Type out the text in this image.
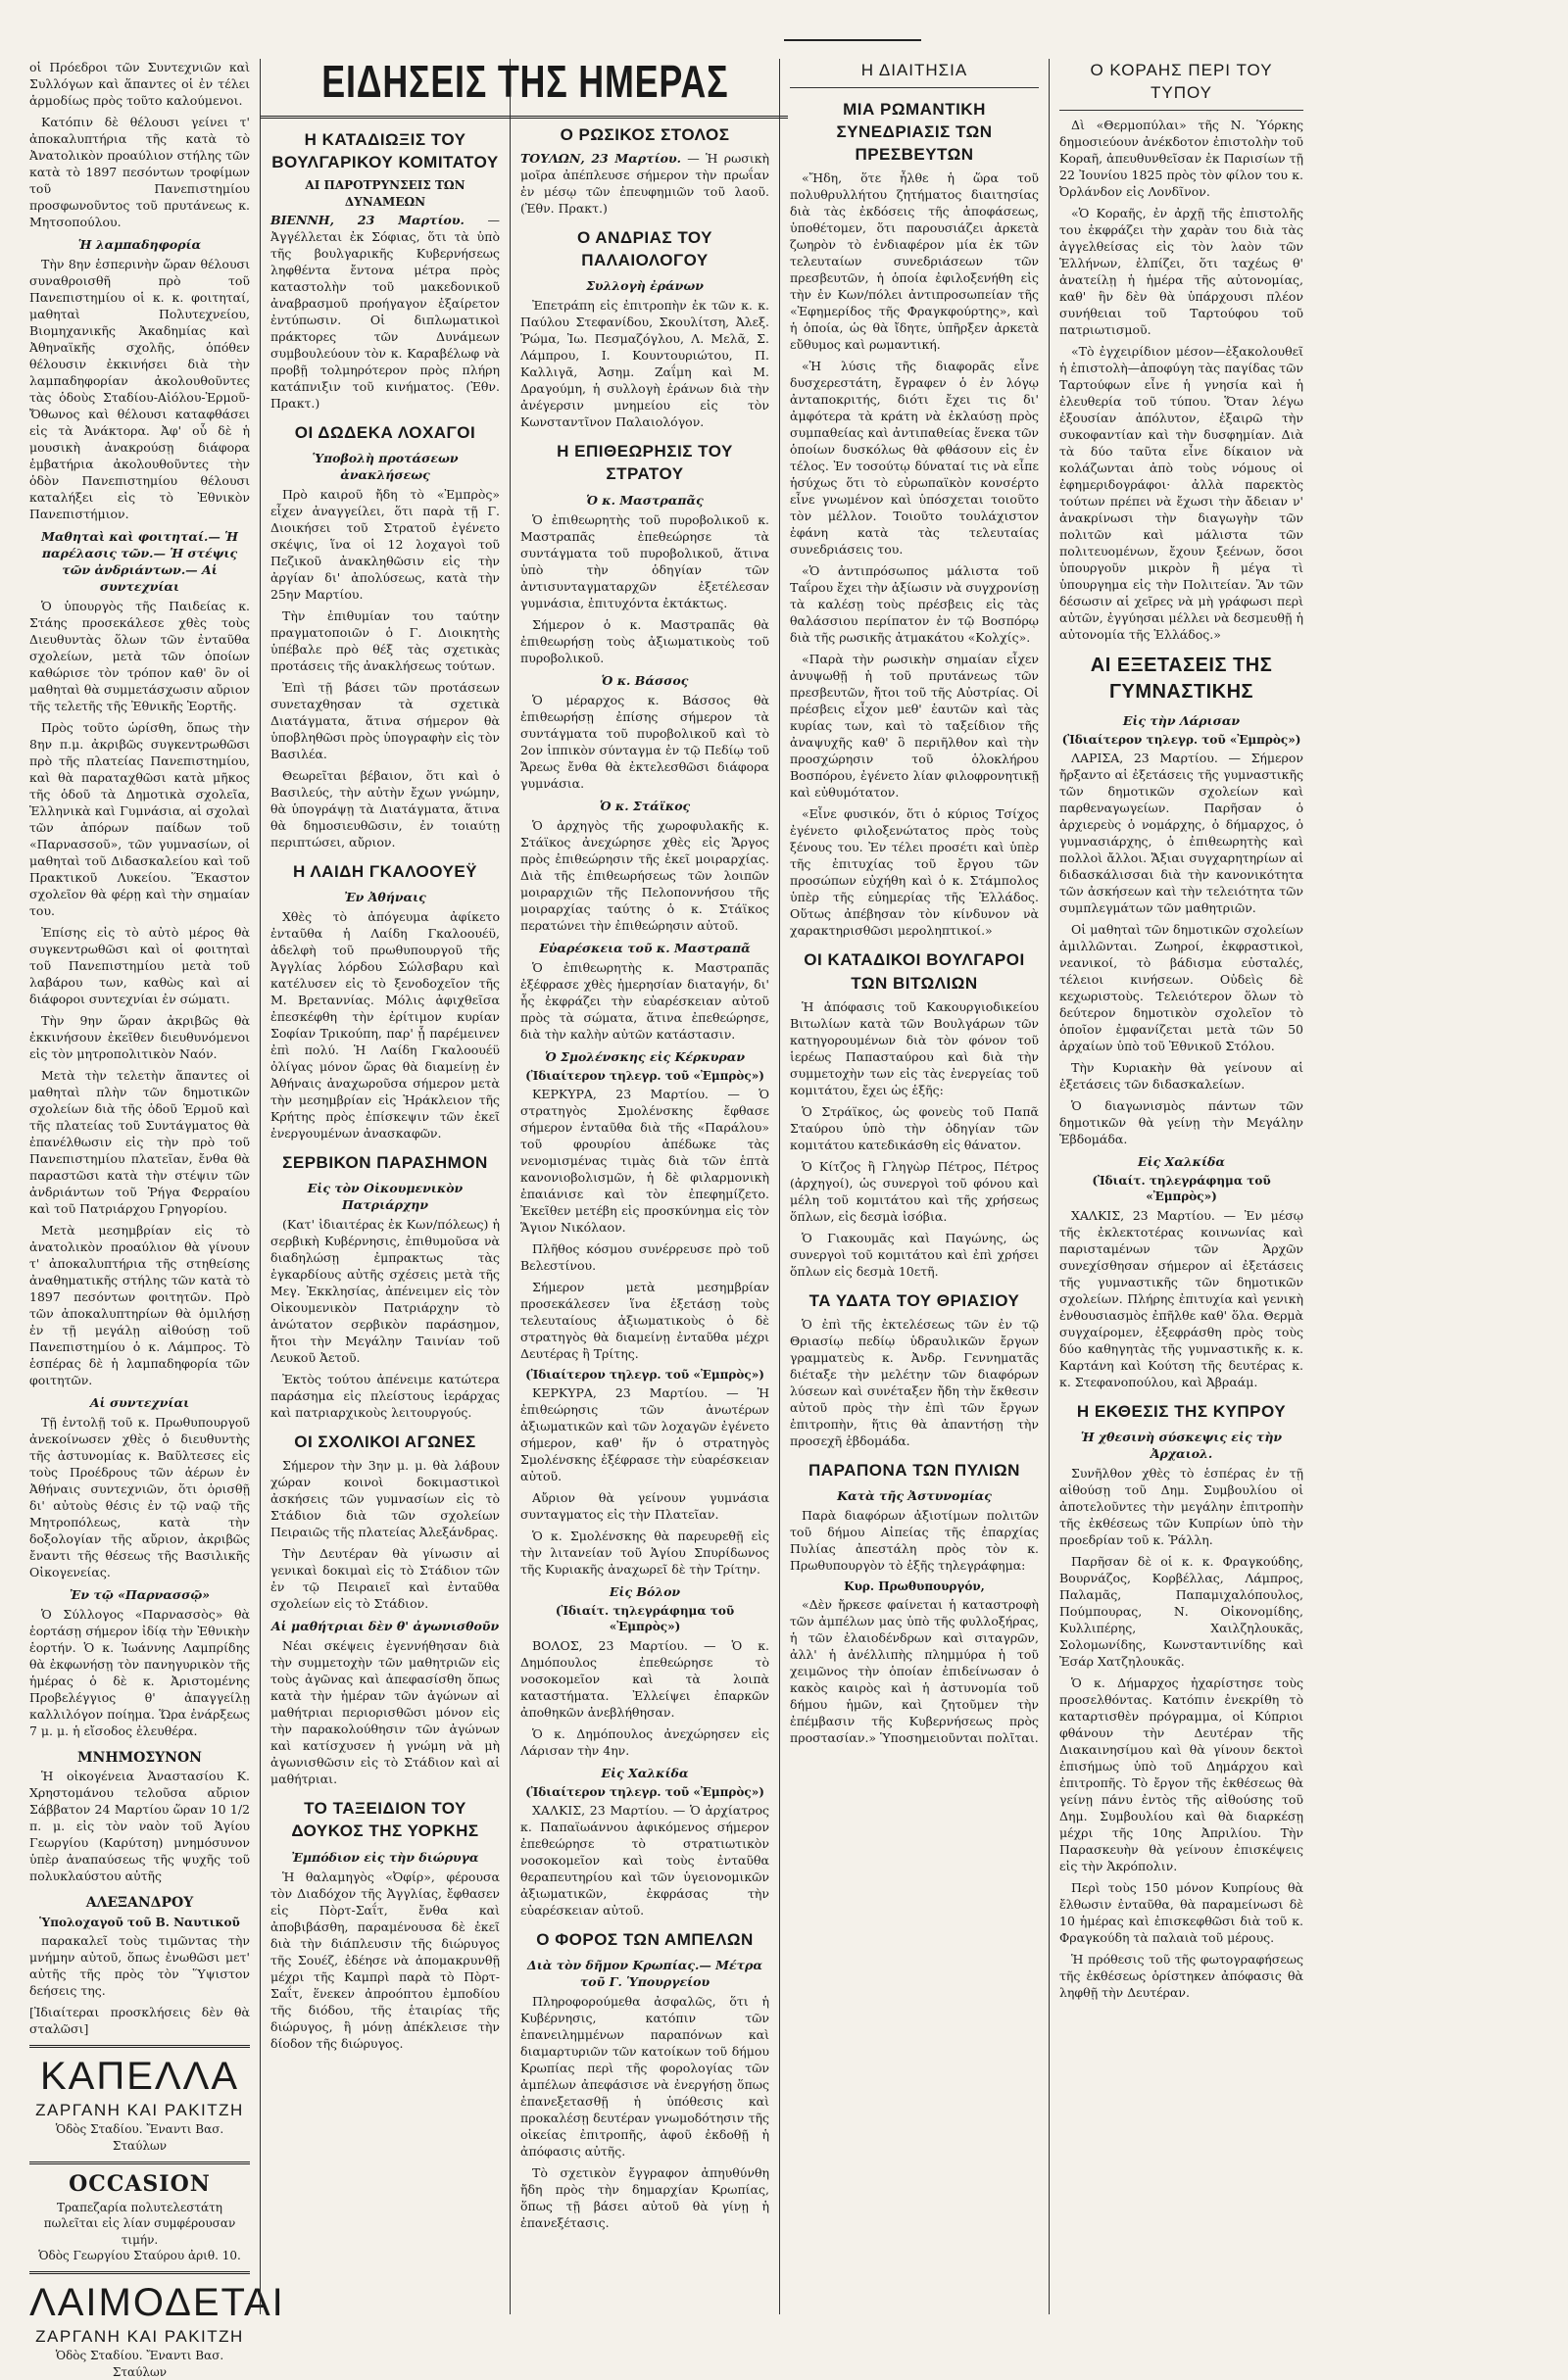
οἱ Πρόεδροι τῶν Συντεχνιῶν καὶ Συλλόγων καὶ ἅπαντες οἱ ἐν τέλει ἁρμοδίως πρὸς τοῦτο καλούμενοι.

Κατόπιν δὲ θέλουσι γείνει τ' ἀποκαλυπτήρια τῆς κατὰ τὸ Ἀνατολικὸν προαύλιον στήλης τῶν κατὰ τὸ 1897 πεσόντων τροφίμων τοῦ Πανεπιστημίου προσφωνοῦντος τοῦ πρυτάνεως κ. Μητσοπούλου.

Ἡ λαμπαδηφορία

Τὴν 8ην ἑσπερινὴν ὥραν θέλουσι συναθροισθῆ πρὸ τοῦ Πανεπιστημίου οἱ κ. κ. φοιτηταί, μαθηταὶ Πολυτεχνείου, Βιομηχανικῆς Ἀκαδημίας καὶ Ἀθηναϊκῆς σχολῆς, ὁπόθεν θέλουσιν ἐκκινήσει διὰ τὴν λαμπαδηφορίαν ἀκολουθοῦντες τὰς ὁδοὺς Σταδίου-Αἰόλου-Ἑρμοῦ-Ὄθωνος καὶ θέλουσι καταφθάσει εἰς τὰ Ἀνάκτορα. Ἀφ' οὗ δὲ ἡ μουσικὴ ἀνακρούσῃ διάφορα ἐμβατήρια ἀκολουθοῦντες τὴν ὁδὸν Πανεπιστημίου θέλουσι καταλήξει εἰς τὸ Ἐθνικὸν Πανεπιστήμιον.

Μαθηταὶ καὶ φοιτηταί.— Ἡ παρέλασις τῶν.— Ἡ στέψις τῶν ἀνδριάντων.— Αἱ συντεχνίαι

Ὁ ὑπουργὸς τῆς Παιδείας κ. Στάης προσεκάλεσε χθὲς τοὺς Διευθυντὰς ὅλων τῶν ἐνταῦθα σχολείων, μετὰ τῶν ὁποίων καθώρισε τὸν τρόπον καθ' ὃν οἱ μαθηταὶ θὰ συμμετάσχωσιν αὔριον τῆς τελετῆς τῆς Ἐθνικῆς Ἑορτῆς.

Πρὸς τοῦτο ὡρίσθη, ὅπως τὴν 8ην π.μ. ἀκριβῶς συγκεντρωθῶσι πρὸ τῆς πλατείας Πανεπιστημίου, καὶ θὰ παραταχθῶσι κατὰ μῆκος τῆς ὁδοῦ τὰ Δημοτικὰ σχολεῖα, Ἑλληνικὰ καὶ Γυμνάσια, αἱ σχολαὶ τῶν ἀπόρων παίδων τοῦ «Παρνασσοῦ», τῶν γυμνασίων, οἱ μαθηταὶ τοῦ Διδασκαλείου καὶ τοῦ Πρακτικοῦ Λυκείου. Ἕκαστον σχολεῖον θὰ φέρῃ καὶ τὴν σημαίαν του.

Ἐπίσης εἰς τὸ αὐτὸ μέρος θὰ συγκεντρωθῶσι καὶ οἱ φοιτηταὶ τοῦ Πανεπιστημίου μετὰ τοῦ λαβάρου των, καθὼς καὶ αἱ διάφοροι συντεχνίαι ἐν σώματι.

Τὴν 9ην ὥραν ἀκριβῶς θὰ ἐκκινήσουν ἐκεῖθεν διευθυνόμενοι εἰς τὸν μητροπολιτικὸν Ναόν.

Μετὰ τὴν τελετὴν ἅπαντες οἱ μαθηταὶ πλὴν τῶν δημοτικῶν σχολείων διὰ τῆς ὁδοῦ Ἑρμοῦ καὶ τῆς πλατείας τοῦ Συντάγματος θὰ ἐπανέλθωσιν εἰς τὴν πρὸ τοῦ Πανεπιστημίου πλατεῖαν, ἔνθα θὰ παραστῶσι κατὰ τὴν στέψιν τῶν ἀνδριάντων τοῦ Ῥήγα Φερραίου καὶ τοῦ Πατριάρχου Γρηγορίου.

Μετὰ μεσημβρίαν εἰς τὸ ἀνατολικὸν προαύλιον θὰ γίνουν τ' ἀποκαλυπτήρια τῆς στηθείσης ἀναθηματικῆς στήλης τῶν κατὰ τὸ 1897 πεσόντων φοιτητῶν. Πρὸ τῶν ἀποκαλυπτηρίων θὰ ὁμιλήσῃ ἐν τῇ μεγάλῃ αἰθούσῃ τοῦ Πανεπιστημίου ὁ κ. Λάμπρος. Τὸ ἑσπέρας δὲ ἡ λαμπαδηφορία τῶν φοιτητῶν.

Αἱ συντεχνίαι

Τῇ ἐντολῇ τοῦ κ. Πρωθυπουργοῦ ἀνεκοίνωσεν χθὲς ὁ διευθυντὴς τῆς ἀστυνομίας κ. Βαῦλτεσες εἰς τοὺς Προέδρους τῶν ἀέρων ἐν Ἀθήναις συντεχνιῶν, ὅτι ὁρισθῇ δι' αὐτοὺς θέσις ἐν τῷ ναῷ τῆς Μητροπόλεως, κατὰ τὴν δοξολογίαν τῆς αὔριον, ἀκριβῶς ἔναντι τῆς θέσεως τῆς Βασιλικῆς Οἰκογενείας.

Ἐν τῷ «Παρνασσῷ»

Ὁ Σύλλογος «Παρνασσὸς» θὰ ἑορτάσῃ σήμερον ἰδίᾳ τὴν Ἐθνικὴν ἑορτήν. Ὁ κ. Ἰωάννης Λαμπρίδης θὰ ἐκφωνήσῃ τὸν πανηγυρικὸν τῆς ἡμέρας ὁ δὲ κ. Ἀριστομένης Προβελέγγιος θ' ἀπαγγείλῃ καλλιλόγον ποίημα. Ὥρα ἐνάρξεως 7 μ. μ. ἡ εἴσοδος ἐλευθέρα.

ΜΝΗΜΟΣΥΝΟΝ

Ἡ οἰκογένεια Ἀναστασίου Κ. Χρηστομάνου τελοῦσα αὔριον Σάββατον 24 Μαρτίου ὥραν 10 1/2 π. μ. εἰς τὸν ναὸν τοῦ Ἁγίου Γεωργίου (Καρύτση) μνημόσυνον ὑπὲρ ἀναπαύσεως τῆς ψυχῆς τοῦ πολυκλαύστου αὐτῆς

ΑΛΕΞΑΝΔΡΟΥ
Ὑπολοχαγοῦ τοῦ Β. Ναυτικοῦ

παρακαλεῖ τοὺς τιμῶντας τὴν μνήμην αὐτοῦ, ὅπως ἐνωθῶσι μετ' αὐτῆς τῆς πρὸς τὸν Ὕψιστον δεήσεις της.

[Ἰδιαίτεραι προσκλήσεις δὲν θὰ σταλῶσι]

ΚΑΠΕΛΛΑ
ΖΑΡΓΑΝΗ ΚΑΙ ΡΑΚΙΤΖΗ
Ὁδὸς Σταδίου. Ἔναντι Βασ. Σταύλων
OCCASION
Τραπεζαρία πολυτελεστάτη πωλεῖται εἰς λίαν συμφέρουσαν τιμήν.
Ὁδὸς Γεωργίου Σταύρου ἀριθ. 10.
ΛΑΙΜΟΔΕΤΑΙ
ΖΑΡΓΑΝΗ ΚΑΙ ΡΑΚΙΤΖΗ
Ὁδὸς Σταδίου. Ἔναντι Βασ. Σταύλων
ΕΙΔΗΣΕΙΣ ΤΗΣ ΗΜΕΡΑΣ
Η ΚΑΤΑΔΙΩΞΙΣ ΤΟΥ ΒΟΥΛΓΑΡΙΚΟΥ ΚΟΜΙΤΑΤΟΥ
ΑΙ ΠΑΡΟΤΡΥΝΣΕΙΣ ΤΩΝ ΔΥΝΑΜΕΩΝ

ΒΙΕΝΝΗ, 23 Μαρτίου. — Ἀγγέλλεται ἐκ Σόφιας, ὅτι τὰ ὑπὸ τῆς βουλγαρικῆς Κυβερνήσεως ληφθέντα ἔντονα μέτρα πρὸς καταστολὴν τοῦ μακεδονικοῦ ἀναβρασμοῦ προήγαγον ἐξαίρετον ἐντύπωσιν. Οἱ διπλωματικοὶ πράκτορες τῶν Δυνάμεων συμβουλεύουν τὸν κ. Καραβέλωφ νὰ προβῇ τολμηρότερον πρὸς πλήρη κατάπνιξιν τοῦ κινήματος. (Ἐθν. Πρακτ.)

ΟΙ ΔΩΔΕΚΑ ΛΟΧΑΓΟΙ
Ὑποβολὴ προτάσεων ἀνακλήσεως

Πρὸ καιροῦ ἤδη τὸ «Ἐμπρὸς» εἶχεν ἀναγγείλει, ὅτι παρὰ τῇ Γ. Διοικήσει τοῦ Στρατοῦ ἐγένετο σκέψις, ἵνα οἱ 12 λοχαγοὶ τοῦ Πεζικοῦ ἀνακληθῶσιν εἰς τὴν ἀργίαν δι' ἀπολύσεως, κατὰ τὴν 25ην Μαρτίου.

Τὴν ἐπιθυμίαν του ταύτην πραγματοποιῶν ὁ Γ. Διοικητὴς ὑπέβαλε πρὸ θέξ τὰς σχετικὰς προτάσεις τῆς ἀνακλήσεως τούτων.

Ἐπὶ τῇ βάσει τῶν προτάσεων συνεταχθησαν τὰ σχετικὰ Διατάγματα, ἅτινα σήμερον θὰ ὑποβληθῶσι πρὸς ὑπογραφὴν εἰς τὸν Βασιλέα.

Θεωρεῖται βέβαιον, ὅτι καὶ ὁ Βασιλεύς, τὴν αὐτὴν ἔχων γνώμην, θὰ ὑπογράψῃ τὰ Διατάγματα, ἅτινα θὰ δημοσιευθῶσιν, ἐν τοιαύτῃ περιπτώσει, αὔριον.

Η ΛΑΙΔΗ ΓΚΑΛΟΟΥΕΫ
Ἐν Ἀθήναις

Χθὲς τὸ ἀπόγευμα ἀφίκετο ἐνταῦθα ἡ Λαίδη Γκαλοουέϋ, ἀδελφὴ τοῦ πρωθυπουργοῦ τῆς Ἀγγλίας λόρδου Σώλσβαρυ καὶ κατέλυσεν εἰς τὸ ξενοδοχεῖον τῆς Μ. Βρεταννίας. Μόλις ἀφιχθεῖσα ἐπεσκέφθη τὴν ἐρίτιμον κυρίαν Σοφίαν Τρικούπη, παρ' ᾗ παρέμεινεν ἐπὶ πολύ. Ἡ Λαίδη Γκαλοουέϋ ὀλίγας μόνον ὥρας θὰ διαμείνῃ ἐν Ἀθήναις ἀναχωροῦσα σήμερον μετὰ τὴν μεσημβρίαν εἰς Ἡράκλειον τῆς Κρήτης πρὸς ἐπίσκεψιν τῶν ἐκεῖ ἐνεργουμένων ἀνασκαφῶν.

ΣΕΡΒΙΚΟΝ ΠΑΡΑΣΗΜΟΝ
Εἰς τὸν Οἰκουμενικὸν Πατριάρχην

(Κατ' ἰδιαιτέρας ἐκ Κων/πόλεως) ἡ σερβικὴ Κυβέρνησις, ἐπιθυμοῦσα νὰ διαδηλώσῃ ἐμπρακτως τὰς ἐγκαρδίους αὐτῆς σχέσεις μετὰ τῆς Μεγ. Ἐκκλησίας, ἀπένειμεν εἰς τὸν Οἰκουμενικὸν Πατριάρχην τὸ ἀνώτατον σερβικὸν παράσημον, ἤτοι τὴν Μεγάλην Ταινίαν τοῦ Λευκοῦ Ἀετοῦ.

Ἐκτὸς τούτου ἀπένειμε κατώτερα παράσημα εἰς πλείστους ἱεράρχας καὶ πατριαρχικοὺς λειτουργούς.

ΟΙ ΣΧΟΛΙΚΟΙ ΑΓΩΝΕΣ

Σήμερον τὴν 3ην μ. μ. θὰ λάβουν χώραν κοινοὶ δοκιμαστικοὶ ἀσκήσεις τῶν γυμνασίων εἰς τὸ Στάδιον διὰ τῶν σχολείων Πειραιῶς τῆς πλατείας Ἀλεξάνδρας.

Τὴν Δευτέραν θὰ γίνωσιν αἱ γενικαὶ δοκιμαὶ εἰς τὸ Στάδιον τῶν ἐν τῷ Πειραιεῖ καὶ ἐνταῦθα σχολείων εἰς τὸ Στάδιον.

Αἱ μαθήτριαι δὲν θ' ἀγωνισθοῦν

Νέαι σκέψεις ἐγεννήθησαν διὰ τὴν συμμετοχὴν τῶν μαθητριῶν εἰς τοὺς ἀγῶνας καὶ ἀπεφασίσθη ὅπως κατὰ τὴν ἡμέραν τῶν ἀγώνων αἱ μαθήτριαι περιορισθῶσι μόνον εἰς τὴν παρακολούθησιν τῶν ἀγώνων καὶ κατίσχυσεν ἡ γνώμη νὰ μὴ ἀγωνισθῶσιν εἰς τὸ Στάδιον καὶ αἱ μαθήτριαι.

ΤΟ ΤΑΞΕΙΔΙΟΝ ΤΟΥ ΔΟΥΚΟΣ ΤΗΣ ΥΟΡΚΗΣ
Ἐμπόδιον εἰς τὴν διώρυγα

Ἡ θαλαμηγὸς «Ὀφίρ», φέρουσα τὸν Διαδόχον τῆς Ἀγγλίας, ἔφθασεν εἰς Πὸρτ-Σαΐτ, ἔνθα καὶ ἀποβιβάσθη, παραμένουσα δὲ ἐκεῖ διὰ τὴν διάπλευσιν τῆς διώρυγος τῆς Σουέζ, ἐδέησε νὰ ἀπομακρυνθῇ μέχρι τῆς Καμπρὶ παρὰ τὸ Πὸρτ-Σαΐτ, ἕνεκεν ἀπροόπτου ἐμποδίου τῆς διόδου, τῆς ἑταιρίας τῆς διώρυγος, ἣ μόνῃ ἀπέκλεισε τὴν δίοδον τῆς διώρυγος.

Ο ΡΩΣΙΚΟΣ ΣΤΟΛΟΣ

ΤΟΥΛΩΝ, 23 Μαρτίου. — Ἡ ρωσικὴ μοῖρα ἀπέπλευσε σήμερον τὴν πρωΐαν ἐν μέσῳ τῶν ἐπευφημιῶν τοῦ λαοῦ. (Ἐθν. Πρακτ.)

Ο ΑΝΔΡΙΑΣ ΤΟΥ ΠΑΛΑΙΟΛΟΓΟΥ
Συλλογὴ ἐράνων

Ἐπετράπη εἰς ἐπιτροπὴν ἐκ τῶν κ. κ. Παύλου Στεφανίδου, Σκουλίτση, Ἀλεξ. Ῥώμα, Ἰω. Πεσμαζόγλου, Λ. Μελᾶ, Σ. Λάμπρου, Ι. Κουντουριώτου, Π. Καλλιγᾶ, Ἀσημ. Ζαΐμη καὶ Μ. Δραγούμη, ἡ συλλογὴ ἐράνων διὰ τὴν ἀνέγερσιν μνημείου εἰς τὸν Κωνσταντῖνον Παλαιολόγον.

Η ΕΠΙΘΕΩΡΗΣΙΣ ΤΟΥ ΣΤΡΑΤΟΥ
Ὁ κ. Μαστραπᾶς

Ὁ ἐπιθεωρητὴς τοῦ πυροβολικοῦ κ. Μαστραπᾶς ἐπεθεώρησε τὰ συντάγματα τοῦ πυροβολικοῦ, ἅτινα ὑπὸ τὴν ὁδηγίαν τῶν ἀντισυνταγματαρχῶν ἐξετέλεσαν γυμνάσια, ἐπιτυχόντα ἐκτάκτως.

Σήμερον ὁ κ. Μαστραπᾶς θὰ ἐπιθεωρήσῃ τοὺς ἀξιωματικοὺς τοῦ πυροβολικοῦ.

Ὁ κ. Βάσσος

Ὁ μέραρχος κ. Βάσσος θὰ ἐπιθεωρήσῃ ἐπίσης σήμερον τὰ συντάγματα τοῦ πυροβολικοῦ καὶ τὸ 2ον ἱππικὸν σύνταγμα ἐν τῷ Πεδίῳ τοῦ Ἄρεως ἔνθα θὰ ἐκτελεσθῶσι διάφορα γυμνάσια.

Ὁ κ. Στάϊκος

Ὁ ἀρχηγὸς τῆς χωροφυλακῆς κ. Στάϊκος ἀνεχώρησε χθὲς εἰς Ἄργος πρὸς ἐπιθεώρησιν τῆς ἐκεῖ μοιραρχίας. Διὰ τῆς ἐπιθεωρήσεως τῶν λοιπῶν μοιραρχιῶν τῆς Πελοποννήσου τῆς μοιραρχίας ταύτης ὁ κ. Στάϊκος περατώνει τὴν ἐπιθεώρησιν αὐτοῦ.

Εὐαρέσκεια τοῦ κ. Μαστραπᾶ

Ὁ ἐπιθεωρητὴς κ. Μαστραπᾶς ἐξέφρασε χθὲς ἡμερησίαν διαταγήν, δι' ἧς ἐκφράζει τὴν εὐαρέσκειαν αὐτοῦ πρὸς τὰ σώματα, ἅτινα ἐπεθεώρησε, διὰ τὴν καλὴν αὐτῶν κατάστασιν.

Ὁ Σμολένσκης εἰς Κέρκυραν
(Ἰδιαίτερον τηλεγρ. τοῦ «Ἐμπρὸς»)

ΚΕΡΚΥΡΑ, 23 Μαρτίου. — Ὁ στρατηγὸς Σμολένσκης ἔφθασε σήμερον ἐνταῦθα διὰ τῆς «Παράλου» τοῦ φρουρίου ἀπέδωκε τὰς νενομισμένας τιμὰς διὰ τῶν ἑπτὰ κανονιοβολισμῶν, ἡ δὲ φιλαρμονικὴ ἐπαιάνισε καὶ τὸν ἐπεφημίζετο. Ἐκεῖθεν μετέβη εἰς προσκύνημα εἰς τὸν Ἅγιον Νικόλαον.

Πλῆθος κόσμου συνέρρευσε πρὸ τοῦ Βελεστίνου.

Σήμερον μετὰ μεσημβρίαν προσεκάλεσεν ἵνα ἐξετάσῃ τοὺς τελευταίους ἀξιωματικοὺς ὁ δὲ στρατηγὸς θὰ διαμείνῃ ἐνταῦθα μέχρι Δευτέρας ἢ Τρίτης.

(Ἰδιαίτερον τηλεγρ. τοῦ «Ἐμπρὸς»)

ΚΕΡΚΥΡΑ, 23 Μαρτίου. — Ἡ ἐπιθεώρησις τῶν ἀνωτέρων ἀξιωματικῶν καὶ τῶν λοχαγῶν ἐγένετο σήμερον, καθ' ἥν ὁ στρατηγὸς Σμολένσκης ἐξέφρασε τὴν εὐαρέσκειαν αὐτοῦ.

Αὔριον θὰ γείνουν γυμνάσια συνταγματος εἰς τὴν Πλατεῖαν.

Ὁ κ. Σμολένσκης θὰ παρευρεθῇ εἰς τὴν λιτανείαν τοῦ Ἁγίου Σπυρίδωνος τῆς Κυριακῆς ἀναχωρεῖ δὲ τὴν Τρίτην.

Εἰς Βόλον
(Ἰδιαίτ. τηλεγράφημα τοῦ «Ἐμπρὸς»)

ΒΟΛΟΣ, 23 Μαρτίου. — Ὁ κ. Δημόπουλος ἐπεθεώρησε τὸ νοσοκομεῖον καὶ τὰ λοιπὰ καταστήματα. Ἐλλείψει ἐπαρκῶν ἀποθηκῶν ἀνεβλήθησαν.

Ὁ κ. Δημόπουλος ἀνεχώρησεν εἰς Λάρισαν τὴν 4ην.

Εἰς Χαλκίδα
(Ἰδιαίτερον τηλεγρ. τοῦ «Ἐμπρὸς»)

ΧΑΛΚΙΣ, 23 Μαρτίου. — Ὁ ἀρχίατρος κ. Παπαϊωάννου ἀφικόμενος σήμερον ἐπεθεώρησε τὸ στρατιωτικὸν νοσοκομεῖον καὶ τοὺς ἐνταῦθα θεραπευτηρίου καὶ τῶν ὑγειονομικῶν ἀξιωματικῶν, ἐκφράσας τὴν εὐαρέσκειαν αὐτοῦ.

Ο ΦΟΡΟΣ ΤΩΝ ΑΜΠΕΛΩΝ
Διὰ τὸν δῆμον Κρωπίας.— Μέτρα τοῦ Γ. Ὑπουργείου

Πληροφορούμεθα ἀσφαλῶς, ὅτι ἡ Κυβέρνησις, κατόπιν τῶν ἐπανειλημμένων παραπόνων καὶ διαμαρτυριῶν τῶν κατοίκων τοῦ δήμου Κρωπίας περὶ τῆς φορολογίας τῶν ἀμπέλων ἀπεφάσισε νὰ ἐνεργήσῃ ὅπως ἐπανεξετασθῇ ἡ ὑπόθεσις καὶ προκαλέσῃ δευτέραν γνωμοδότησιν τῆς οἰκείας ἐπιτροπῆς, ἀφοῦ ἐκδοθῇ ἡ ἀπόφασις αὐτῆς.

Τὸ σχετικὸν ἔγγραφον ἀπηυθύνθη ἤδη πρὸς τὴν δημαρχίαν Κρωπίας, ὅπως τῇ βάσει αὐτοῦ θὰ γίνῃ ἡ ἐπανεξέτασις.

Η ΔΙΑΙΤΗΣΙΑ
ΜΙΑ ΡΩΜΑΝΤΙΚΗ ΣΥΝΕΔΡΙΑΣΙΣ ΤΩΝ ΠΡΕΣΒΕΥΤΩΝ

«Ἤδη, ὅτε ἦλθε ἡ ὥρα τοῦ πολυθρυλλήτου ζητήματος διαιτησίας διὰ τὰς ἐκδόσεις τῆς ἀποφάσεως, ὑποθέτομεν, ὅτι παρουσιάζει ἀρκετὰ ζωηρὸν τὸ ἐνδιαφέρον μία ἐκ τῶν τελευταίων συνεδριάσεων τῶν πρεσβευτῶν, ἡ ὁποία ἐφιλοξενήθη εἰς τὴν ἐν Κων/πόλει ἀντιπροσωπείαν τῆς «Ἑφημερίδος τῆς Φραγκφούρτης», καὶ ἡ ὁποία, ὡς θὰ ἴδητε, ὑπῆρξεν ἀρκετὰ εὔθυμος καὶ ρωμαντική.

«Ἡ λύσις τῆς διαφορᾶς εἶνε δυσχερεστάτη, ἔγραφεν ὁ ἐν λόγῳ ἀνταποκριτής, διότι ἔχει τις δι' ἀμφότερα τὰ κράτη νὰ ἐκλαύσῃ πρὸς συμπαθείας καὶ ἀντιπαθείας ἕνεκα τῶν ὁποίων δυσκόλως θὰ φθάσουν εἰς ἐν τέλος. Ἐν τοσούτῳ δύναταί τις νὰ εἶπε ἡσύχως ὅτι τὸ εὐρωπαϊκὸν κονσέρτο εἶνε γνωμένον καὶ ὑπόσχεται τοιοῦτο τὸν μέλλον. Τοιοῦτο τουλάχιστον ἐφάνη κατὰ τὰς τελευταίας συνεδριάσεις του.

«Ὁ ἀντιπρόσωπος μάλιστα τοῦ Ταΐρου ἔχει τὴν ἀξίωσιν νὰ συγχρονίσῃ τὰ καλέσῃ τοὺς πρέσβεις εἰς τὰς θαλάσσιου περίπατον ἐν τῷ Βοσπόρῳ διὰ τῆς ρωσικῆς ἀτμακάτου «Κολχίς».

«Παρὰ τὴν ρωσικὴν σημαίαν εἶχεν ἀνυψωθῇ ἡ τοῦ πρυτάνεως τῶν πρεσβευτῶν, ἤτοι τοῦ τῆς Αὐστρίας. Οἱ πρέσβεις εἶχον μεθ' ἑαυτῶν καὶ τὰς κυρίας των, καὶ τὸ ταξείδιον τῆς ἀναψυχῆς καθ' ὃ περιῆλθον καὶ τὴν προσχώρησιν τοῦ ὁλοκλήρου Βοσπόρου, ἐγένετο λίαν φιλοφρονητικῇ καὶ εὐθυμότατον.

«Εἶνε φυσικόν, ὅτι ὁ κύριος Τσίχος ἐγένετο φιλοξενώτατος πρὸς τοὺς ξένους του. Ἐν τέλει προσέτι καὶ ὑπὲρ τῆς ἐπιτυχίας τοῦ ἔργου τῶν προσώπων εὐχήθη καὶ ὁ κ. Στάμπολος ὑπὲρ τῆς εὐημερίας τῆς Ἑλλάδος. Οὕτως ἀπέβησαν τὸν κίνδυνον νὰ χαρακτηρισθῶσι μεροληπτικοί.»

ΟΙ ΚΑΤΑΔΙΚΟΙ ΒΟΥΛΓΑΡΟΙ ΤΩΝ ΒΙΤΩΛΙΩΝ

Ἡ ἀπόφασις τοῦ Κακουργιοδικείου Βιτωλίων κατὰ τῶν Βουλγάρων τῶν κατηγορουμένων διὰ τὸν φόνον τοῦ ἱερέως Παπασταύρου καὶ διὰ τὴν συμμετοχὴν των εἰς τὰς ἐνεργείας τοῦ κομιτάτου, ἔχει ὡς ἑξῆς:

Ὁ Στράϊκος, ὡς φονεὺς τοῦ Παπᾶ Σταύρου ὑπὸ τὴν ὁδηγίαν τῶν κομιτάτου κατεδικάσθη εἰς θάνατον.

Ὁ Κίτζος ἢ Γληγὼρ Πέτρος, Πέτρος (ἀρχηγοί), ὡς συνεργοὶ τοῦ φόνου καὶ μέλη τοῦ κομιτάτου καὶ τῆς χρήσεως ὅπλων, εἰς δεσμὰ ἰσόβια.

Ὁ Γιακουμᾶς καὶ Παγώνης, ὡς συνεργοὶ τοῦ κομιτάτου καὶ ἐπὶ χρήσει ὅπλων εἰς δεσμὰ 10ετῆ.

ΤΑ ΥΔΑΤΑ ΤΟΥ ΘΡΙΑΣΙΟΥ

Ὁ ἐπὶ τῆς ἐκτελέσεως τῶν ἐν τῷ Θριασίῳ πεδίῳ ὑδραυλικῶν ἔργων γραμματεὺς κ. Ἀνδρ. Γεννηματᾶς διέταξε τὴν μελέτην τῶν διαφόρων λύσεων καὶ συνέταξεν ἤδη τὴν ἔκθεσιν αὐτοῦ πρὸς τὴν ἐπὶ τῶν ἔργων ἐπιτροπὴν, ἥτις θὰ ἀπαντήσῃ τὴν προσεχῆ ἑβδομάδα.

ΠΑΡΑΠΟΝΑ ΤΩΝ ΠΥΛΙΩΝ
Κατὰ τῆς Ἀστυνομίας

Παρὰ διαφόρων ἀξιοτίμων πολιτῶν τοῦ δήμου Αἰπείας τῆς ἐπαρχίας Πυλίας ἀπεστάλη πρὸς τὸν κ. Πρωθυπουργὸν τὸ ἑξῆς τηλεγράφημα:

Κυρ. Πρωθυπουργόν,

«Δὲν ἤρκεσε φαίνεται ἡ καταστροφὴ τῶν ἀμπέλων μας ὑπὸ τῆς φυλλοξήρας, ἡ τῶν ἐλαιοδένδρων καὶ σιταγρῶν, ἀλλ' ἡ ἀνέλλιπὴς πλημμύρα ἡ τοῦ χειμῶνος τὴν ὁποίαν ἐπιδείνωσαν ὁ κακὸς καιρὸς καὶ ἡ ἀστυνομία τοῦ δήμου ἡμῶν, καὶ ζητοῦμεν τὴν ἐπέμβασιν τῆς Κυβερνήσεως πρὸς προστασίαν.» Ὑποσημειοῦνται πολῖται.

Ο ΚΟΡΑΗΣ ΠΕΡΙ ΤΟΥ ΤΥΠΟΥ

Δὶ «Θερμοπύλαι» τῆς Ν. Ὑόρκης δημοσιεύουν ἀνέκδοτον ἐπιστολὴν τοῦ Κοραῆ, ἀπευθυνθεῖσαν ἐκ Παρισίων τῇ 22 Ἰουνίου 1825 πρὸς τὸν φίλον του κ. Ὀρλάνδον εἰς Λονδῖνον.

«Ὁ Κοραῆς, ἐν ἀρχῇ τῆς ἐπιστολῆς του ἐκφράζει τὴν χαρὰν του διὰ τὰς ἀγγελθείσας εἰς τὸν λαὸν τῶν Ἑλλήνων, ἐλπίζει, ὅτι ταχέως θ' ἀνατείλῃ ἡ ἡμέρα τῆς αὐτονομίας, καθ' ἣν δὲν θὰ ὑπάρχουσι πλέον συνήθειαι τοῦ Ταρτούφου τοῦ πατριωτισμοῦ.

«Τὸ ἐγχειρίδιον μέσον—ἐξακολουθεῖ ἡ ἐπιστολὴ—ἀποφύγη τὰς παγίδας τῶν Ταρτούφων εἶνε ἡ γνησία καὶ ἡ ἐλευθερία τοῦ τύπου. Ὅταν λέγω ἐξουσίαν ἀπόλυτον, ἐξαιρῶ τὴν συκοφαντίαν καὶ τὴν δυσφημίαν. Διὰ τὰ δύο ταῦτα εἶνε δίκαιον νὰ κολάζωνται ἀπὸ τοὺς νόμους οἱ ἐφημεριδογράφοι· ἀλλὰ παρεκτὸς τούτων πρέπει νὰ ἔχωσι τὴν ἄδειαν ν' ἀνακρίνωσι τὴν διαγωγὴν τῶν πολιτῶν καὶ μάλιστα τῶν πολιτευομένων, ἔχουν ξεένων, ὅσοι ὑπουργοῦν μικρὸν ἢ μέγα τὶ ὑπουργημα εἰς τὴν Πολιτείαν. Ἂν τῶν δέσωσιν αἱ χεῖρες νὰ μὴ γράφωσι περὶ αὐτῶν, ἐγγύησαι μέλλει νὰ δεσμευθῇ ἡ αὐτονομία τῆς Ἑλλάδος.»

ΑΙ ΕΞΕΤΑΣΕΙΣ ΤΗΣ ΓΥΜΝΑΣΤΙΚΗΣ
Εἰς τὴν Λάρισαν
(Ἰδιαίτερον τηλεγρ. τοῦ «Ἐμπρὸς»)

ΛΑΡΙΣΑ, 23 Μαρτίου. — Σήμερον ἤρξαντο αἱ ἐξετάσεις τῆς γυμναστικῆς τῶν δημοτικῶν σχολείων καὶ παρθεναγωγείων. Παρῆσαν ὁ ἀρχιερεὺς ὁ νομάρχης, ὁ δήμαρχος, ὁ γυμνασιάρχης, ὁ ἐπιθεωρητὴς καὶ πολλοὶ ἄλλοι. Ἄξιαι συγχαρητηρίων αἱ διδασκάλισσαι διὰ τὴν κανονικότητα τῶν ἀσκήσεων καὶ τὴν τελειότητα τῶν συμπλεγμάτων τῶν μαθητριῶν.

Οἱ μαθηταὶ τῶν δημοτικῶν σχολείων ἀμιλλῶνται. Ζωηροί, ἐκφραστικοὶ, νεανικοί, τὸ βάδισμα εὐσταλές, τέλειοι κινήσεων. Οὐδεὶς δὲ κεχωριστοὺς. Τελειότερον ὅλων τὸ δεύτερον δημοτικὸν σχολεῖον τὸ ὁποῖον ἐμφανίζεται μετὰ τῶν 50 ἀρχαίων ὑπὸ τοῦ Ἐθνικοῦ Στόλου.

Τὴν Κυριακὴν θὰ γείνουν αἱ ἐξετάσεις τῶν διδασκαλείων.

Ὁ διαγωνισμὸς πάντων τῶν δημοτικῶν θὰ γείνῃ τὴν Μεγάλην Ἑβδομάδα.

Εἰς Χαλκίδα
(Ἰδιαίτ. τηλεγράφημα τοῦ «Ἐμπρὸς»)

ΧΑΛΚΙΣ, 23 Μαρτίου. — Ἐν μέσῳ τῆς ἐκλεκτοτέρας κοινωνίας καὶ παρισταμένων τῶν Ἀρχῶν συνεχίσθησαν σήμερον αἱ ἐξετάσεις τῆς γυμναστικῆς τῶν δημοτικῶν σχολείων. Πλήρης ἐπιτυχία καὶ γενικὴ ἐνθουσιασμὸς ἐπῆλθε καθ' ὅλα. Θερμὰ συγχαίρομεν, ἐξεφράσθη πρὸς τοὺς δύο καθηγητὰς τῆς γυμναστικῆς κ. κ. Καρτάνη καὶ Κούτση τῆς δευτέρας κ. κ. Στεφανοπούλου, καὶ Ἀβραάμ.

Η ΕΚΘΕΣΙΣ ΤΗΣ ΚΥΠΡΟΥ
Ἡ χθεσινὴ σύσκεψις εἰς τὴν Ἀρχαιολ.

Συνῆλθον χθὲς τὸ ἑσπέρας ἐν τῇ αἰθούσῃ τοῦ Δημ. Συμβουλίου οἱ ἀποτελοῦντες τὴν μεγάλην ἐπιτροπὴν τῆς ἐκθέσεως τῶν Κυπρίων ὑπὸ τὴν προεδρίαν τοῦ κ. Ῥάλλη.

Παρῆσαν δὲ οἱ κ. κ. Φραγκούδης, Βουρνάζος, Κορβέλλας, Λάμπρος, Παλαμᾶς, Παπαμιχαλόπουλος, Πούμπουρας, Ν. Οἰκονομίδης, Κυλλιπέρης, Χαιλζηλουκᾶς, Σολομωνίδης, Κωνσταντινίδης καὶ Ἐσάρ Χατζηλουκᾶς.

Ὁ κ. Δήμαρχος ἠχαρίστησε τοὺς προσελθόντας. Κατόπιν ἐνεκρίθη τὸ καταρτισθὲν πρόγραμμα, οἱ Κύπριοι φθάνουν τὴν Δευτέραν τῆς Διακαινησίμου καὶ θὰ γίνουν δεκτοὶ ἐπισήμως ὑπὸ τοῦ Δημάρχου καὶ ἐπιτροπῆς. Τὸ ἔργον τῆς ἐκθέσεως θὰ γείνῃ πάνυ ἐντὸς τῆς αἰθούσης τοῦ Δημ. Συμβουλίου καὶ θὰ διαρκέσῃ μέχρι τῆς 10ης Ἀπριλίου. Τὴν Παρασκευὴν θὰ γείνουν ἐπισκέψεις εἰς τὴν Ἀκρόπολιν.

Περὶ τοὺς 150 μόνον Κυπρίους θὰ ἔλθωσιν ἐνταῦθα, θὰ παραμείνωσι δὲ 10 ἡμέρας καὶ ἐπισκεφθῶσι διὰ τοῦ κ. Φραγκούδη τὰ παλαιὰ τοῦ μέρους.

Ἡ πρόθεσις τοῦ τῆς φωτογραφήσεως τῆς ἐκθέσεως ὁρίστηκεν ἀπόφασις θὰ ληφθῇ τὴν Δευτέραν.
